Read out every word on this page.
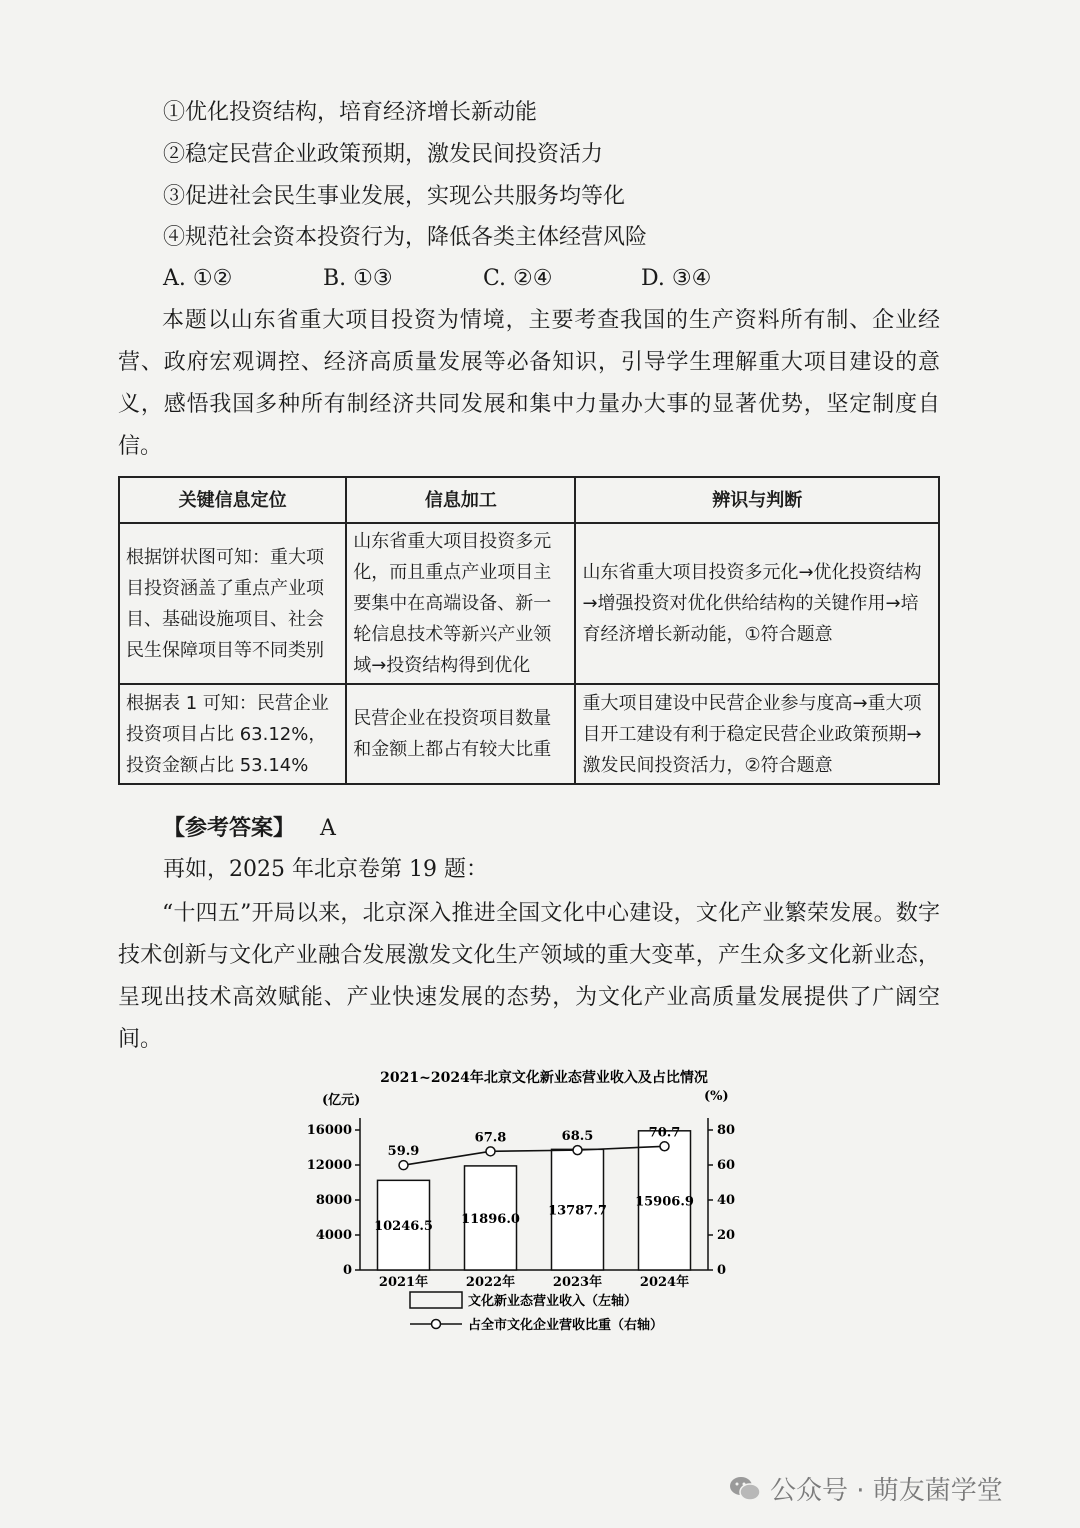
①优化投资结构，培育经济增长新动能
②稳定民营企业政策预期，激发民间投资活力
③促进社会民生事业发展，实现公共服务均等化
④规范社会资本投资行为，降低各类主体经营风险
A. ①②	B. ①③	C. ②④	D. ③④

本题以山东省重大项目投资为情境，主要考查我国的生产资料所有制、企业经营、政府宏观调控、经济高质量发展等必备知识，引导学生理解重大项目建设的意义，感悟我国多种所有制经济共同发展和集中力量办大事的显著优势，坚定制度自信。

关键信息定位	信息加工	辨识与判断
根据饼状图可知：重大项目投资涵盖了重点产业项目、基础设施项目、社会民生保障项目等不同类别	山东省重大项目投资多元化，而且重点产业项目主要集中在高端设备、新一轮信息技术等新兴产业领域→投资结构得到优化	山东省重大项目投资多元化→优化投资结构→增强投资对优化供给结构的关键作用→培育经济增长新动能，①符合题意
根据表 1 可知：民营企业投资项目占比 63.12%，投资金额占比 53.14%	民营企业在投资项目数量和金额上都占有较大比重	重大项目建设中民营企业参与度高→重大项目开工建设有利于稳定民营企业政策预期→激发民间投资活力，②符合题意
【参考答案】 A
再如，2025 年北京卷第 19 题：

“十四五”开局以来，北京深入推进全国文化中心建设，文化产业繁荣发展。数字技术创新与文化产业融合发展激发文化生产领域的重大变革，产生众多文化新业态，呈现出技术高效赋能、产业快速发展的态势，为文化产业高质量发展提供了广阔空间。

2021~2024年北京文化新业态营业收入及占比情况
(亿元)	(%)
0
4000
8000
12000
16000
0
20
40
60
80
10246.5 11896.0
13787.7
15906.9
2021年	2022年	2023年	2024年
59.9
67.8	68.5	70.7
文化新业态营业收入（左轴）
占全市文化企业营收比重（右轴）
公众号 · 萌友菌学堂
